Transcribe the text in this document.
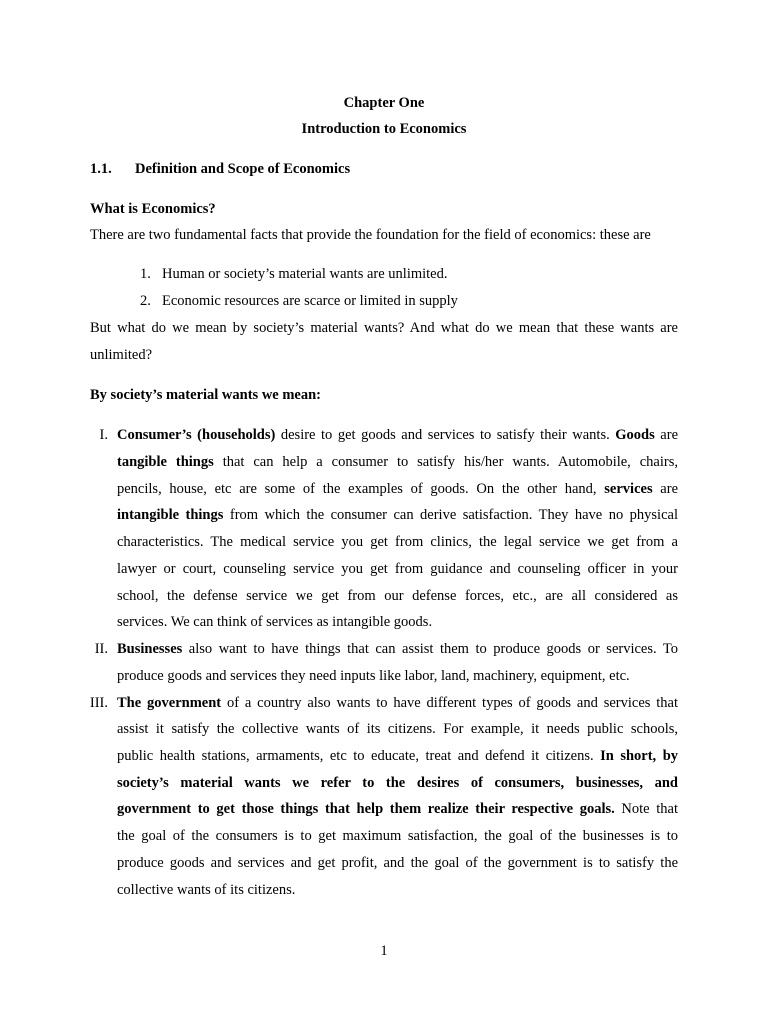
Chapter One
Introduction to Economics
1.1. Definition and Scope of Economics
What is Economics?
There are two fundamental facts that provide the foundation for the field of economics: these are
1. Human or society’s material wants are unlimited.
2. Economic resources are scarce or limited in supply
But what do we mean by society’s material wants? And what do we mean that these wants are
unlimited?
By society’s material wants we mean:
I. Consumer’s (households) desire to get goods and services to satisfy their wants. Goods are
tangible things that can help a consumer to satisfy his/her wants. Automobile, chairs,
pencils, house, etc are some of the examples of goods. On the other hand, services are
intangible things from which the consumer can derive satisfaction. They have no physical
characteristics. The medical service you get from clinics, the legal service we get from a
lawyer or court, counseling service you get from guidance and counseling officer in your
school, the defense service we get from our defense forces, etc., are all considered as
services. We can think of services as intangible goods.
II. Businesses also want to have things that can assist them to produce goods or services. To
produce goods and services they need inputs like labor, land, machinery, equipment, etc.
III. The government of a country also wants to have different types of goods and services that
assist it satisfy the collective wants of its citizens. For example, it needs public schools,
public health stations, armaments, etc to educate, treat and defend it citizens. In short, by
society’s material wants we refer to the desires of consumers, businesses, and
government to get those things that help them realize their respective goals. Note that
the goal of the consumers is to get maximum satisfaction, the goal of the businesses is to
produce goods and services and get profit, and the goal of the government is to satisfy the
collective wants of its citizens.
1
